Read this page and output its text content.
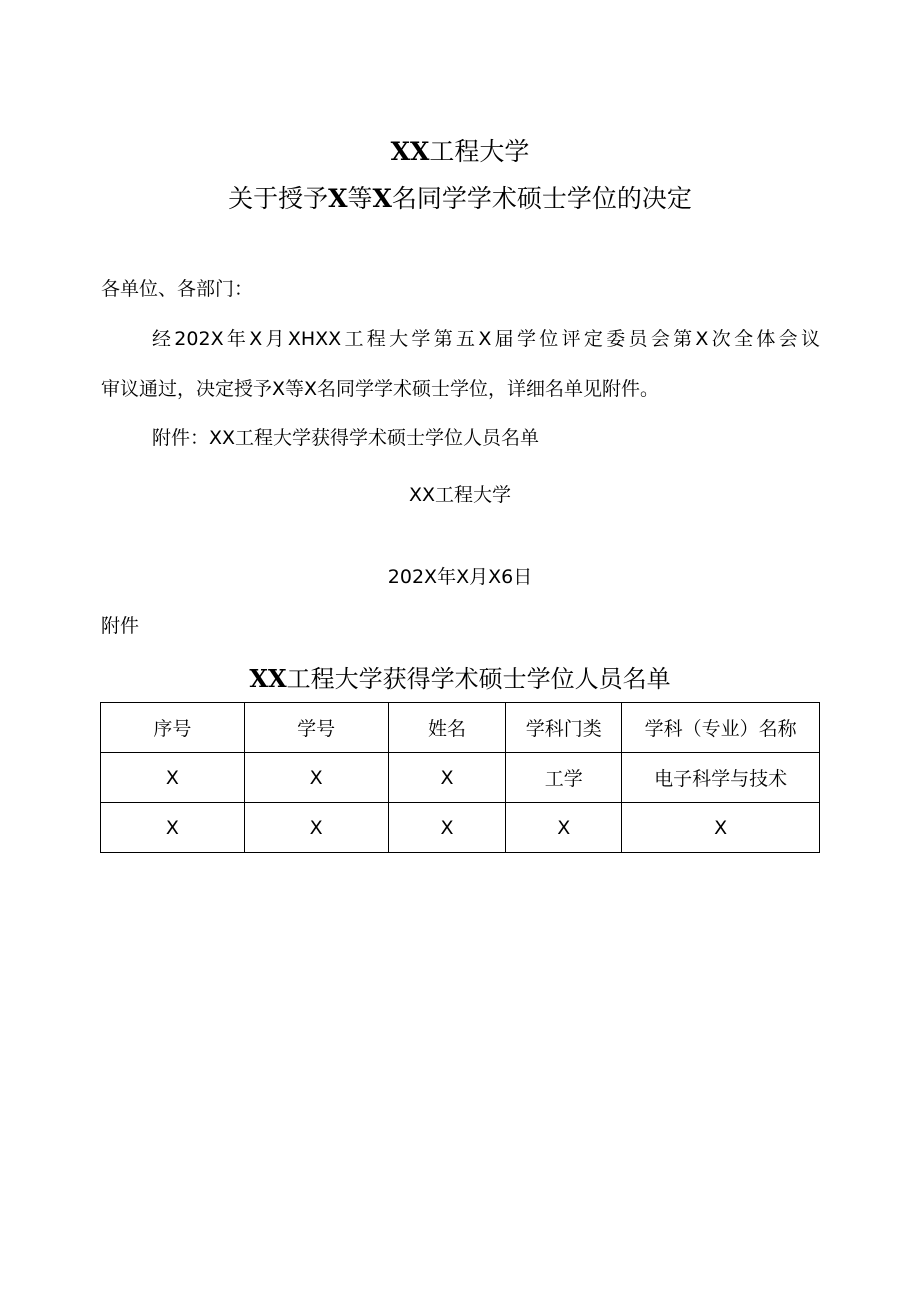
XX工程大学
关于授予X等X名同学学术硕士学位的决定

各单位、各部门：

经202X年X月XHXX工程大学第五X届学位评定委员会第X次全体会议

审议通过，决定授予X等X名同学学术硕士学位，详细名单见附件。

附件：XX工程大学获得学术硕士学位人员名单

XX工程大学

202X年X月X6日

附件

XX工程大学获得学术硕士学位人员名单
序号	学号	姓名	学科门类	学科（专业）名称
X	X	X	工学	电子科学与技术
X	X	X	X	X
